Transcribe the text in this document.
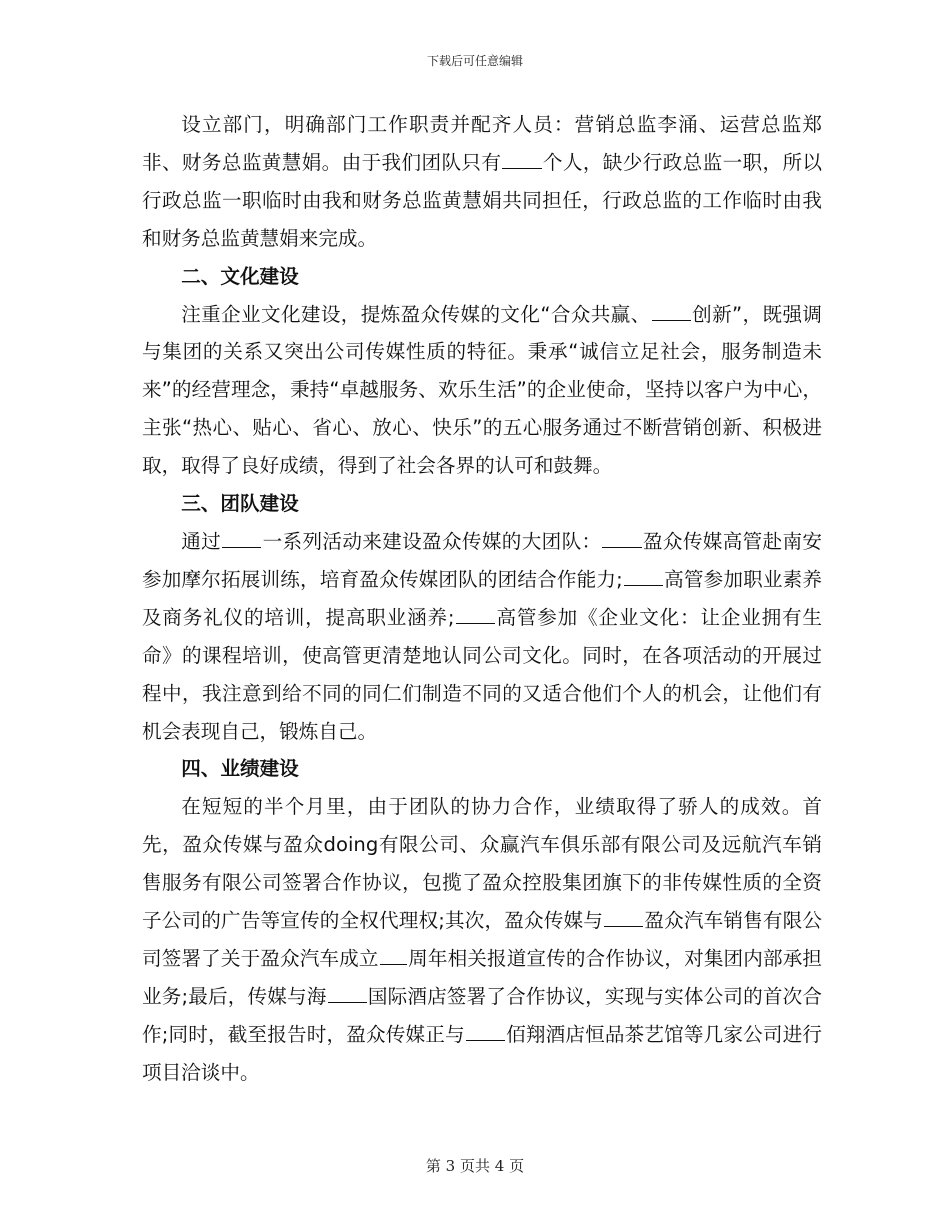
下载后可任意编辑

设立部门，明确部门工作职责并配齐人员：营销总监李涌、运营总监郑非、财务总监黄慧娟。由于我们团队只有 个人，缺少行政总监一职，所以行政总监一职临时由我和财务总监黄慧娟共同担任，行政总监的工作临时由我和财务总监黄慧娟来完成。

二、文化建设

注重企业文化建设，提炼盈众传媒的文化“合众共赢、 创新”，既强调与集团的关系又突出公司传媒性质的特征。秉承“诚信立足社会，服务制造未来”的经营理念，秉持“卓越服务、欢乐生活”的企业使命，坚持以客户为中心，主张“热心、贴心、省心、放心、快乐”的五心服务通过不断营销创新、积极进取，取得了良好成绩，得到了社会各界的认可和鼓舞。

三、团队建设

通过 一系列活动来建设盈众传媒的大团队： 盈众传媒高管赴南安参加摩尔拓展训练，培育盈众传媒团队的团结合作能力; 高管参加职业素养及商务礼仪的培训，提高职业涵养; 高管参加《企业文化：让企业拥有生命》的课程培训，使高管更清楚地认同公司文化。同时，在各项活动的开展过程中，我注意到给不同的同仁们制造不同的又适合他们个人的机会，让他们有机会表现自己，锻炼自己。

四、业绩建设

在短短的半个月里，由于团队的协力合作，业绩取得了骄人的成效。首先，盈众传媒与盈众doing有限公司、众赢汽车俱乐部有限公司及远航汽车销售服务有限公司签署合作协议，包揽了盈众控股集团旗下的非传媒性质的全资子公司的广告等宣传的全权代理权;其次，盈众传媒与 盈众汽车销售有限公司签署了关于盈众汽车成立 周年相关报道宣传的合作协议，对集团内部承担业务;最后，传媒与海 国际酒店签署了合作协议，实现与实体公司的首次合作;同时，截至报告时，盈众传媒正与 佰翔酒店恒品茶艺馆等几家公司进行项目洽谈中。

第 3 页共 4 页
